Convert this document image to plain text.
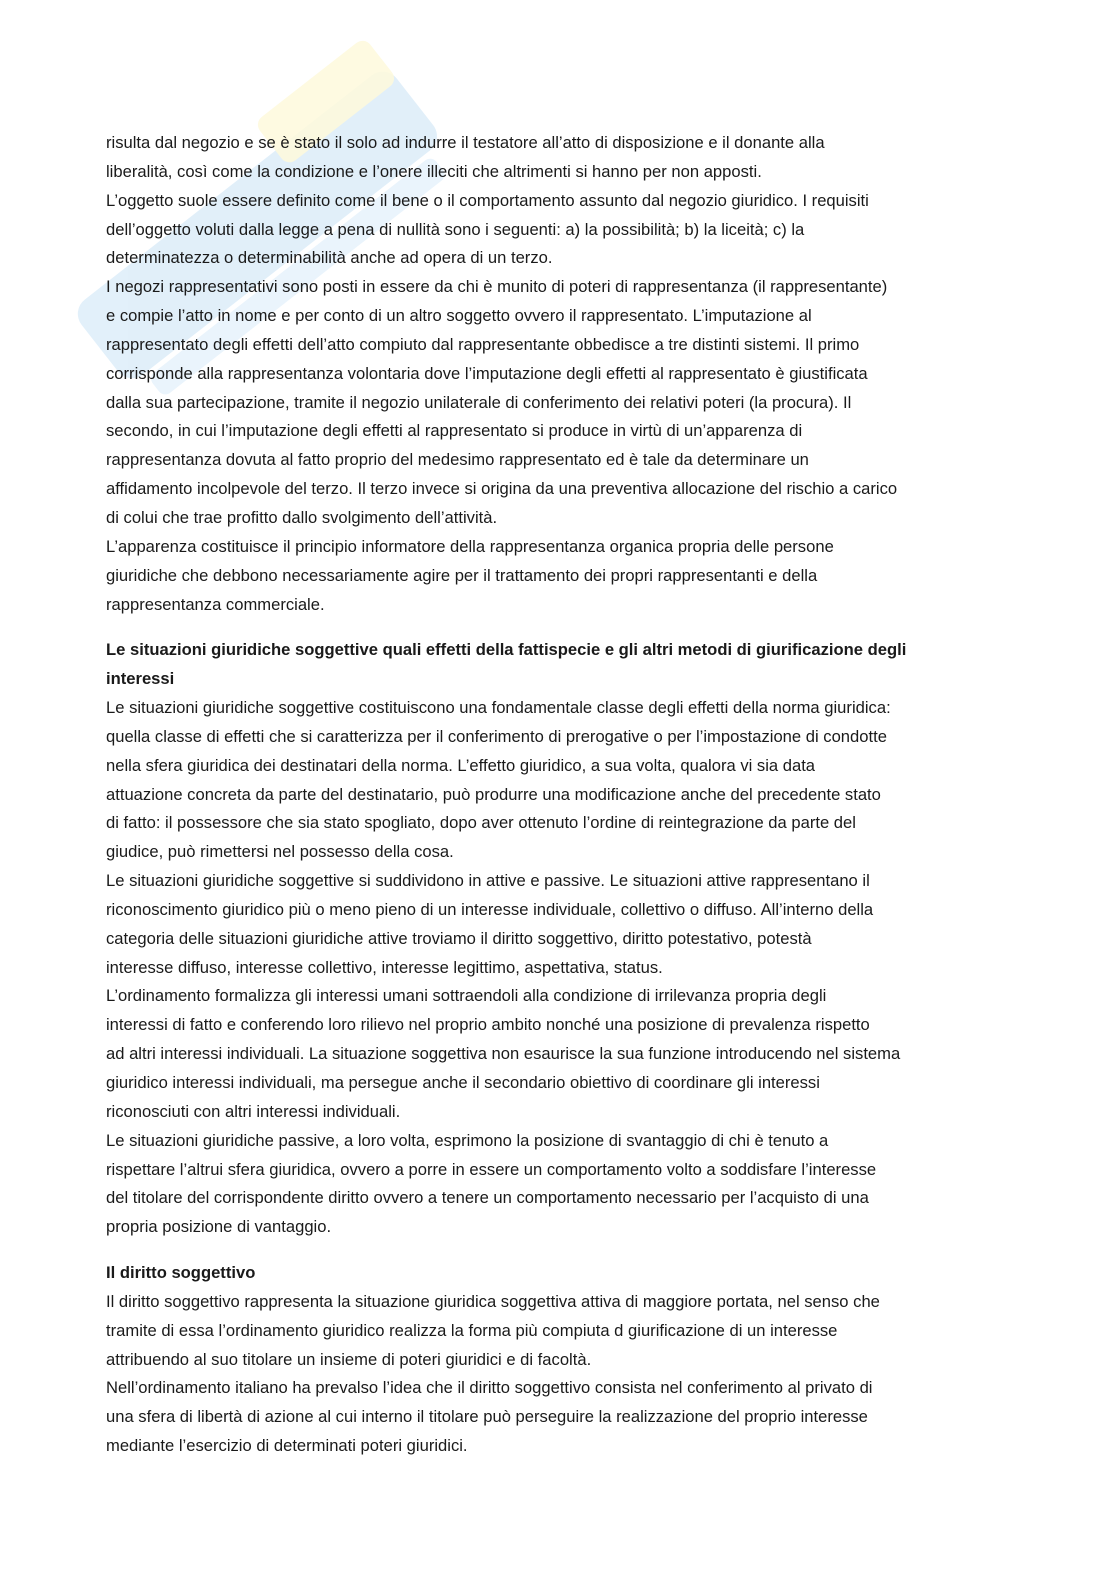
risulta dal negozio e se è stato il solo ad indurre il testatore all’atto di disposizione e il donante alla
liberalità, così come la condizione e l’onere illeciti che altrimenti si hanno per non apposti.

L’oggetto suole essere definito come il bene o il comportamento assunto dal negozio giuridico. I requisiti
dell’oggetto voluti dalla legge a pena di nullità sono i seguenti: a) la possibilità; b) la liceità; c) la
determinatezza o determinabilità anche ad opera di un terzo.

I negozi rappresentativi sono posti in essere da chi è munito di poteri di rappresentanza (il rappresentante)
e compie l’atto in nome e per conto di un altro soggetto ovvero il rappresentato. L’imputazione al
rappresentato degli effetti dell’atto compiuto dal rappresentante obbedisce a tre distinti sistemi. Il primo
corrisponde alla rappresentanza volontaria dove l’imputazione degli effetti al rappresentato è giustificata
dalla sua partecipazione, tramite il negozio unilaterale di conferimento dei relativi poteri (la procura). Il
secondo, in cui l’imputazione degli effetti al rappresentato si produce in virtù di un’apparenza di
rappresentanza dovuta al fatto proprio del medesimo rappresentato ed è tale da determinare un
affidamento incolpevole del terzo. Il terzo invece si origina da una preventiva allocazione del rischio a carico
di colui che trae profitto dallo svolgimento dell’attività.

L’apparenza costituisce il principio informatore della rappresentanza organica propria delle persone
giuridiche che debbono necessariamente agire per il trattamento dei propri rappresentanti e della
rappresentanza commerciale.

Le situazioni giuridiche soggettive quali effetti della fattispecie e gli altri metodi di giurificazione degli
interessi

Le situazioni giuridiche soggettive costituiscono una fondamentale classe degli effetti della norma giuridica:
quella classe di effetti che si caratterizza per il conferimento di prerogative o per l’impostazione di condotte
nella sfera giuridica dei destinatari della norma. L’effetto giuridico, a sua volta, qualora vi sia data
attuazione concreta da parte del destinatario, può produrre una modificazione anche del precedente stato
di fatto: il possessore che sia stato spogliato, dopo aver ottenuto l’ordine di reintegrazione da parte del
giudice, può rimettersi nel possesso della cosa.

Le situazioni giuridiche soggettive si suddividono in attive e passive. Le situazioni attive rappresentano il
riconoscimento giuridico più o meno pieno di un interesse individuale, collettivo o diffuso. All’interno della
categoria delle situazioni giuridiche attive troviamo il diritto soggettivo, diritto potestativo, potestà
interesse diffuso, interesse collettivo, interesse legittimo, aspettativa, status.

L’ordinamento formalizza gli interessi umani sottraendoli alla condizione di irrilevanza propria degli
interessi di fatto e conferendo loro rilievo nel proprio ambito nonché una posizione di prevalenza rispetto
ad altri interessi individuali. La situazione soggettiva non esaurisce la sua funzione introducendo nel sistema
giuridico interessi individuali, ma persegue anche il secondario obiettivo di coordinare gli interessi
riconosciuti con altri interessi individuali.

Le situazioni giuridiche passive, a loro volta, esprimono la posizione di svantaggio di chi è tenuto a
rispettare l’altrui sfera giuridica, ovvero a porre in essere un comportamento volto a soddisfare l’interesse
del titolare del corrispondente diritto ovvero a tenere un comportamento necessario per l’acquisto di una
propria posizione di vantaggio.

Il diritto soggettivo

Il diritto soggettivo rappresenta la situazione giuridica soggettiva attiva di maggiore portata, nel senso che
tramite di essa l’ordinamento giuridico realizza la forma più compiuta d giurificazione di un interesse
attribuendo al suo titolare un insieme di poteri giuridici e di facoltà.

Nell’ordinamento italiano ha prevalso l’idea che il diritto soggettivo consista nel conferimento al privato di
una sfera di libertà di azione al cui interno il titolare può perseguire la realizzazione del proprio interesse
mediante l’esercizio di determinati poteri giuridici.
